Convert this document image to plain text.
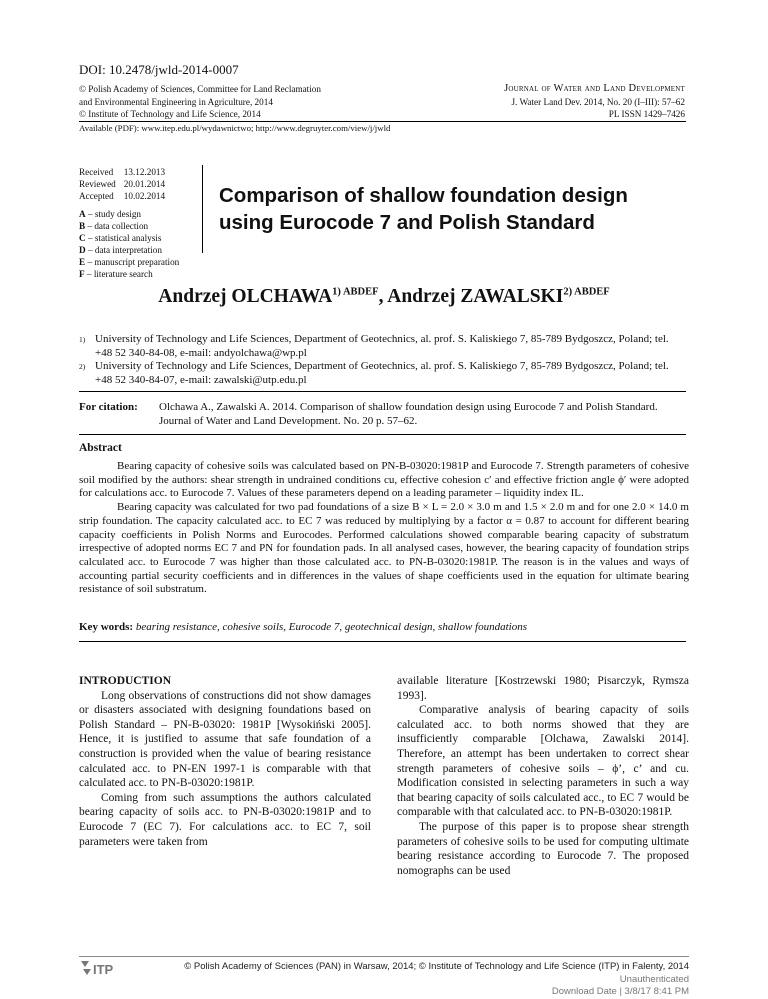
DOI: 10.2478/jwld-2014-0007
© Polish Academy of Sciences, Committee for Land Reclamation
and Environmental Engineering in Agriculture, 2014
© Institute of Technology and Life Science, 2014
Journal of Water and Land Development
J. Water Land Dev. 2014, No. 20 (I–III): 57–62
PL ISSN 1429–7426
Available (PDF): www.itep.edu.pl/wydawnictwo; http://www.degruyter.com/view/j/jwld
Received	13.12.2013
Reviewed	20.01.2014
Accepted	10.02.2014
A – study design
B – data collection
C – statistical analysis
D – data interpretation
E – manuscript preparation
F – literature search
Comparison of shallow foundation design using Eurocode 7 and Polish Standard
Andrzej $OLCHAWA^{1) ABDEF}$, Andrzej $ZAWALSKI^{2) ABDEF}$
1) University of Technology and Life Sciences, Department of Geotechnics, al. prof. S. Kaliskiego 7, 85-789 Bydgoszcz, Poland; tel. +48 52 340-84-08, e-mail: andyolchawa@wp.pl
2) University of Technology and Life Sciences, Department of Geotechnics, al. prof. S. Kaliskiego 7, 85-789 Bydgoszcz, Poland; tel. +48 52 340-84-07, e-mail: zawalski@utp.edu.pl
For citation: Olchawa A., Zawalski A. 2014. Comparison of shallow foundation design using Eurocode 7 and Polish Standard. Journal of Water and Land Development. No. 20 p. 57–62.
Abstract

Bearing capacity of cohesive soils was calculated based on PN-B-03020:1981P and Eurocode 7. Strength parameters of cohesive soil modified by the authors: shear strength in undrained conditions cu, effective cohesion c′ and effective friction angle ϕ′ were adopted for calculations acc. to Eurocode 7. Values of these parameters depend on a leading parameter – liquidity index IL.

Bearing capacity was calculated for two pad foundations of a size B × L = 2.0 × 3.0 m and 1.5 × 2.0 m and for one 2.0 × 14.0 m strip foundation. The capacity calculated acc. to EC 7 was reduced by multiplying by a factor α = 0.87 to account for different bearing capacity coefficients in Polish Norms and Eurocodes. Performed calculations showed comparable bearing capacity of substratum irrespective of adopted norms EC 7 and PN for foundation pads. In all analysed cases, however, the bearing capacity of foundation strips calculated acc. to Eurocode 7 was higher than those calculated acc. to PN-B-03020:1981P. The reason is in the values and ways of accounting partial security coefficients and in differences in the values of shape coefficients used in the equation for ultimate bearing resistance of soil substratum.

Key words: bearing resistance, cohesive soils, Eurocode 7, geotechnical design, shallow foundations

INTRODUCTION

Long observations of constructions did not show damages or disasters associated with designing foundations based on Polish Standard – PN-B-03020: 1981P [Wysokiński 2005]. Hence, it is justified to assume that safe foundation of a construction is provided when the value of bearing resistance calculated acc. to PN-EN 1997-1 is comparable with that calculated acc. to PN-B-03020:1981P.

Coming from such assumptions the authors calculated bearing capacity of soils acc. to PN-B-03020:1981P and to Eurocode 7 (EC 7). For calculations acc. to EC 7, soil parameters were taken from

available literature [Kostrzewski 1980; Pisarczyk, Rymsza 1993].

Comparative analysis of bearing capacity of soils calculated acc. to both norms showed that they are insufficiently comparable [Olchawa, Zawalski 2014]. Therefore, an attempt has been undertaken to correct shear strength parameters of cohesive soils – ϕ’, c’ and cu. Modification consisted in selecting parameters in such a way that bearing capacity of soils calculated acc., to EC 7 would be comparable with that calculated acc. to PN-B-03020:1981P.

The purpose of this paper is to propose shear strength parameters of cohesive soils to be used for computing ultimate bearing resistance according to Eurocode 7. The proposed nomographs can be used

ITP	© Polish Academy of Sciences (PAN) in Warsaw, 2014; © Institute of Technology and Life Science (ITP) in Falenty, 2014
Unauthenticated
Download Date | 3/8/17 8:41 PM
